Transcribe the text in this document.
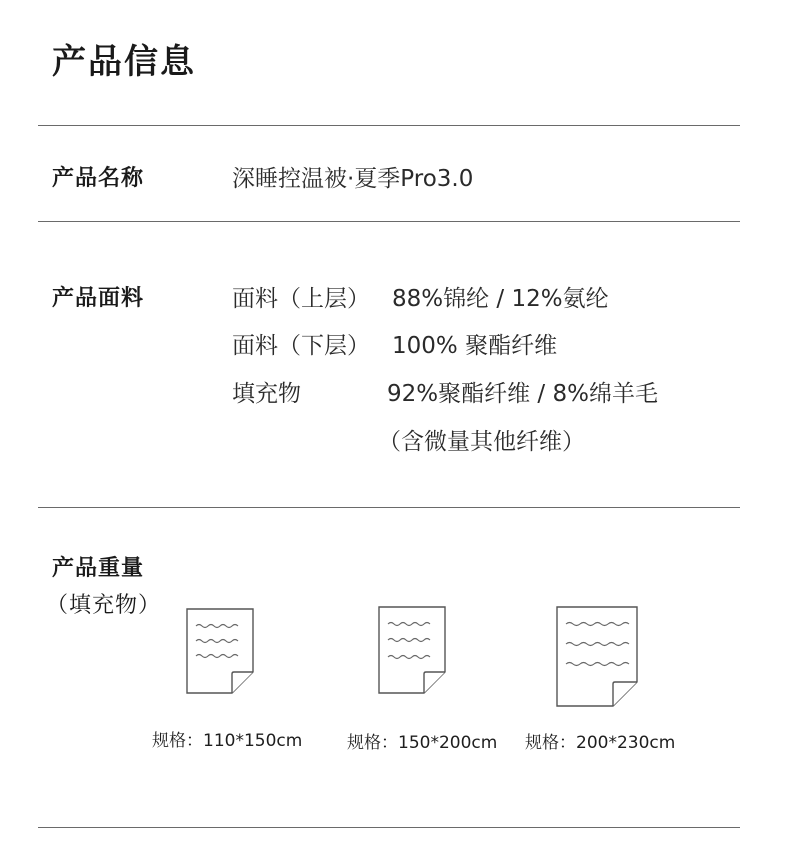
产品信息
产品名称	深睡控温被·夏季Pro3.0
产品面料	面料（上层） 88%锦纶 / 12%氨纶
面料（下层） 100% 聚酯纤维
填充物	92%聚酯纤维 / 8%绵羊毛
（含微量其他纤维）
产品重量
（填充物）
规格：110*150cm	规格：150*200cm 规格：200*230cm
